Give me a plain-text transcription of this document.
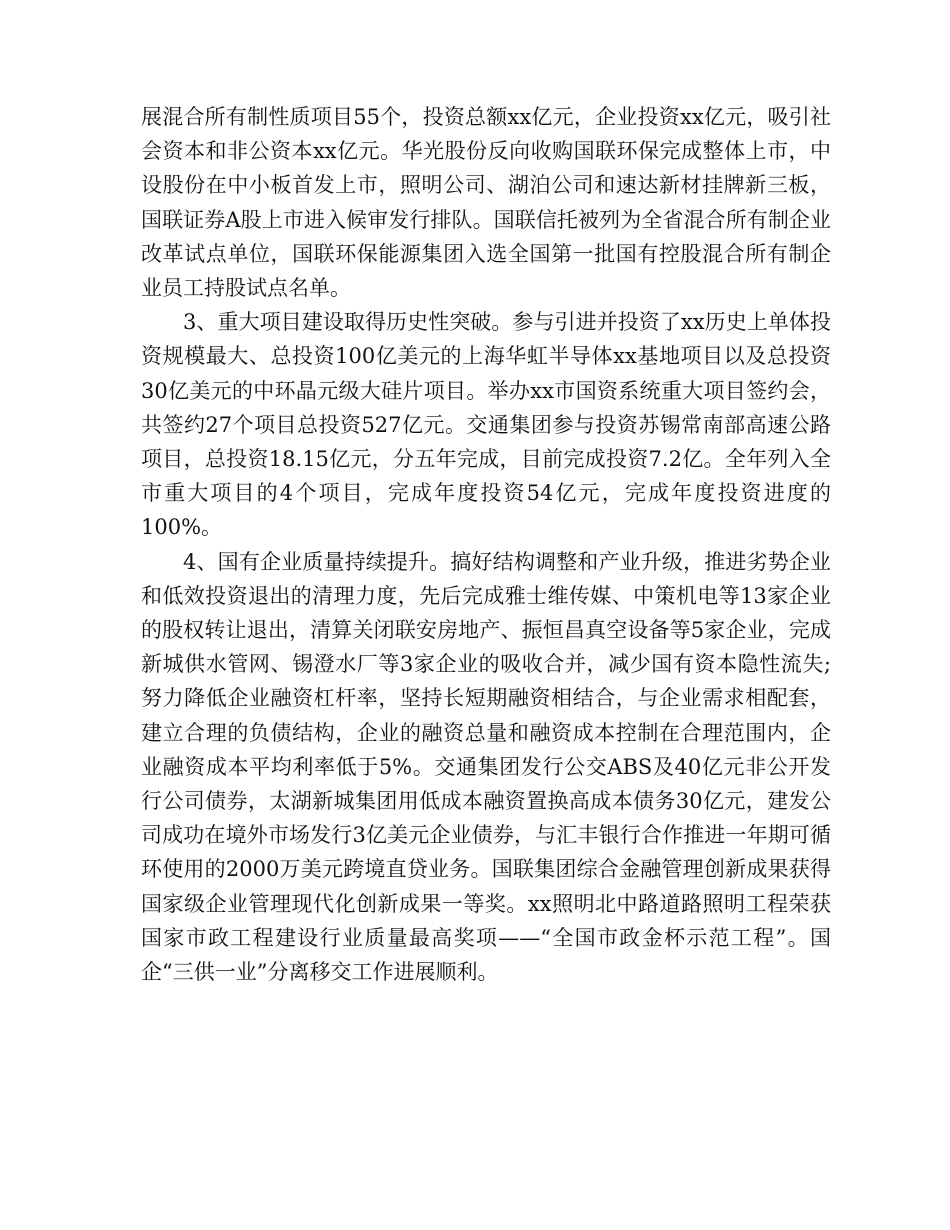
展混合所有制性质项目55个，投资总额xx亿元，企业投资xx亿元，吸引社会资本和非公资本xx亿元。华光股份反向收购国联环保完成整体上市，中设股份在中小板首发上市，照明公司、湖泊公司和速达新材挂牌新三板，国联证券A股上市进入候审发行排队。国联信托被列为全省混合所有制企业改革试点单位，国联环保能源集团入选全国第一批国有控股混合所有制企业员工持股试点名单。

3、重大项目建设取得历史性突破。参与引进并投资了xx历史上单体投资规模最大、总投资100亿美元的上海华虹半导体xx基地项目以及总投资30亿美元的中环晶元级大硅片项目。举办xx市国资系统重大项目签约会，共签约27个项目总投资527亿元。交通集团参与投资苏锡常南部高速公路项目，总投资18.15亿元，分五年完成，目前完成投资7.2亿。全年列入全市重大项目的4个项目，完成年度投资54亿元，完成年度投资进度的100%。

4、国有企业质量持续提升。搞好结构调整和产业升级，推进劣势企业和低效投资退出的清理力度，先后完成雅士维传媒、中策机电等13家企业的股权转让退出，清算关闭联安房地产、振恒昌真空设备等5家企业，完成新城供水管网、锡澄水厂等3家企业的吸收合并，减少国有资本隐性流失;努力降低企业融资杠杆率，坚持长短期融资相结合，与企业需求相配套，建立合理的负债结构，企业的融资总量和融资成本控制在合理范围内，企业融资成本平均利率低于5%。交通集团发行公交ABS及40亿元非公开发行公司债券，太湖新城集团用低成本融资置换高成本债务30亿元，建发公司成功在境外市场发行3亿美元企业债券，与汇丰银行合作推进一年期可循环使用的2000万美元跨境直贷业务。国联集团综合金融管理创新成果获得国家级企业管理现代化创新成果一等奖。xx照明北中路道路照明工程荣获国家市政工程建设行业质量最高奖项——“全国市政金杯示范工程”。国企“三供一业”分离移交工作进展顺利。
